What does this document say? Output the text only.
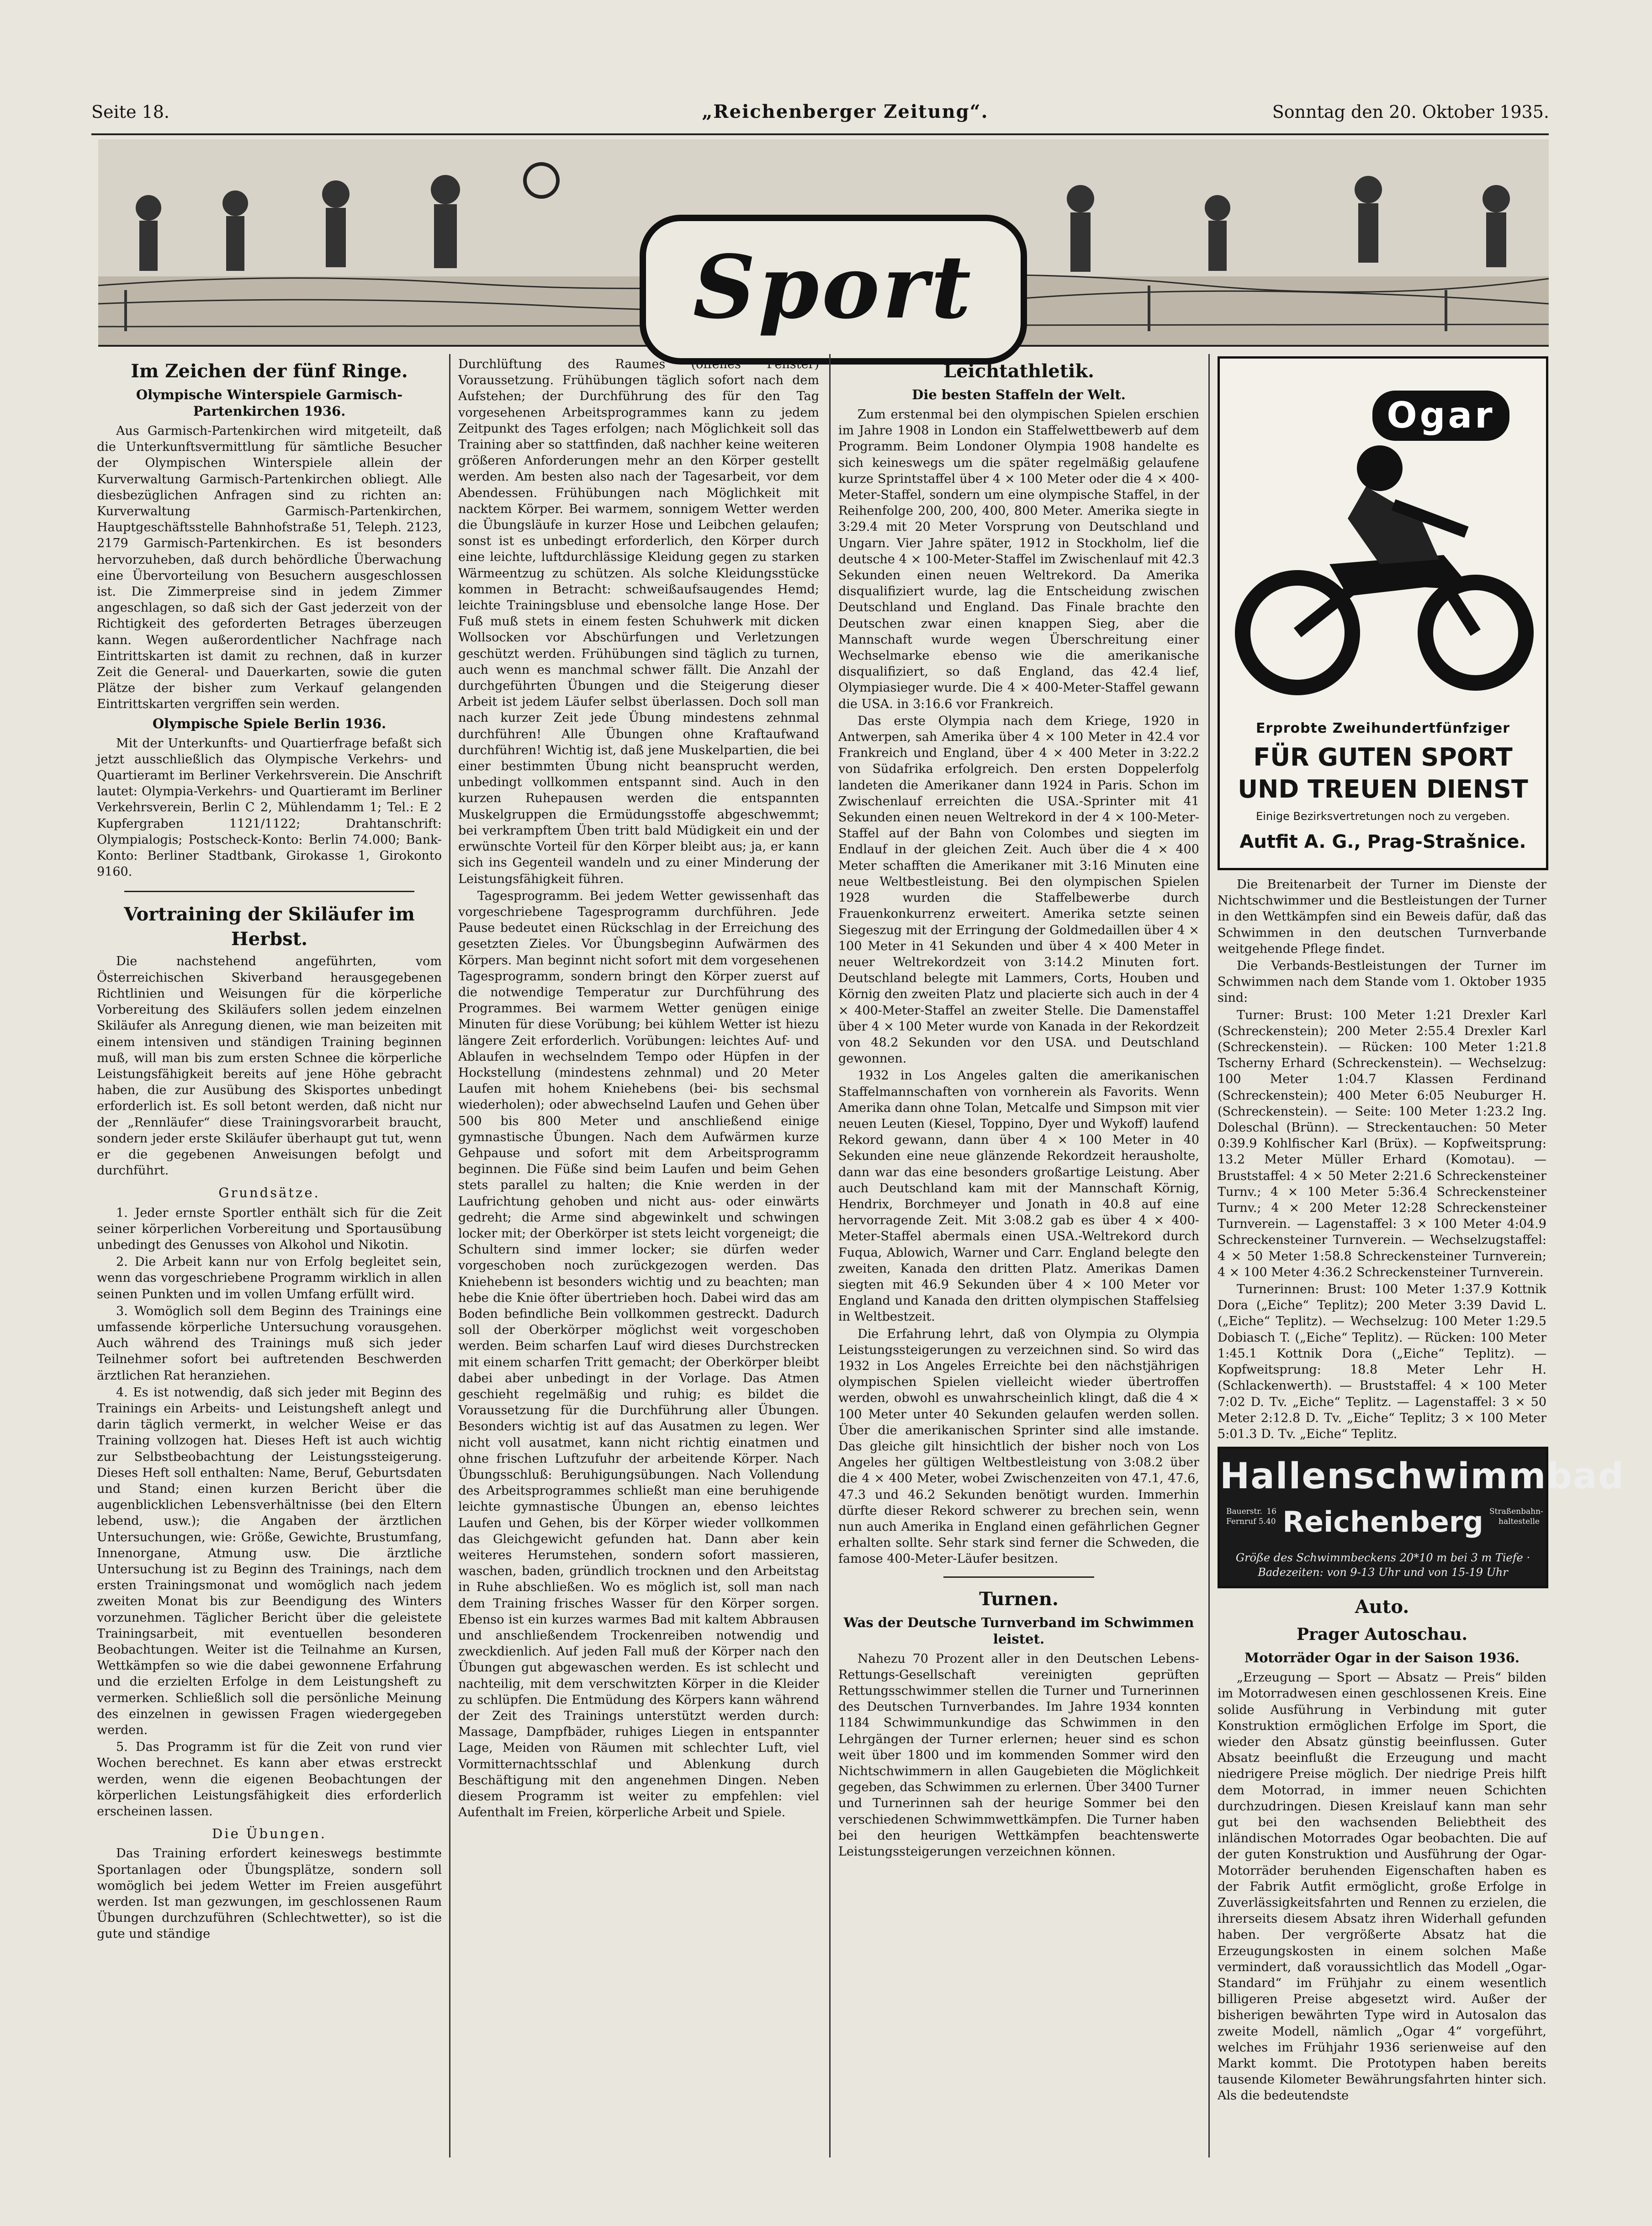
Seite 18.	„Reichenberger Zeitung“.	Sonntag den 20. Oktober 1935.
Sport
Im Zeichen der fünf Ringe.
Olympische Winterspiele Garmisch-Partenkirchen 1936.

Aus Garmisch-Partenkirchen wird mitgeteilt, daß die Unterkunftsvermittlung für sämtliche Besucher der Olympischen Winterspiele allein der Kurverwaltung Garmisch-Partenkirchen obliegt. Alle diesbezüglichen Anfragen sind zu richten an: Kurverwaltung Garmisch-Partenkirchen, Hauptgeschäftsstelle Bahnhofstraße 51, Teleph. 2123, 2179 Garmisch-Partenkirchen. Es ist besonders hervorzuheben, daß durch behördliche Überwachung eine Übervorteilung von Besuchern ausgeschlossen ist. Die Zimmerpreise sind in jedem Zimmer angeschlagen, so daß sich der Gast jederzeit von der Richtigkeit des geforderten Betrages überzeugen kann. Wegen außerordentlicher Nachfrage nach Eintrittskarten ist damit zu rechnen, daß in kurzer Zeit die General- und Dauerkarten, sowie die guten Plätze der bisher zum Verkauf gelangenden Eintrittskarten vergriffen sein werden.

Olympische Spiele Berlin 1936.

Mit der Unterkunfts- und Quartierfrage befaßt sich jetzt ausschließlich das Olympische Verkehrs- und Quartieramt im Berliner Verkehrsverein. Die Anschrift lautet: Olympia-Verkehrs- und Quartieramt im Berliner Verkehrsverein, Berlin C 2, Mühlendamm 1; Tel.: E 2 Kupfergraben 1121/1122; Drahtanschrift: Olympialogis; Postscheck-Konto: Berlin 74.000; Bank-Konto: Berliner Stadtbank, Girokasse 1, Girokonto 9160.

Vortraining der Skiläufer im Herbst.

Die nachstehend angeführten, vom Österreichischen Skiverband herausgegebenen Richtlinien und Weisungen für die körperliche Vorbereitung des Skiläufers sollen jedem einzelnen Skiläufer als Anregung dienen, wie man beizeiten mit einem intensiven und ständigen Training beginnen muß, will man bis zum ersten Schnee die körperliche Leistungsfähigkeit bereits auf jene Höhe gebracht haben, die zur Ausübung des Skisportes unbedingt erforderlich ist. Es soll betont werden, daß nicht nur der „Rennläufer“ diese Trainingsvorarbeit braucht, sondern jeder erste Skiläufer überhaupt gut tut, wenn er die gegebenen Anweisungen befolgt und durchführt.

Grundsätze.

1. Jeder ernste Sportler enthält sich für die Zeit seiner körperlichen Vorbereitung und Sportausübung unbedingt des Genusses von Alkohol und Nikotin.

2. Die Arbeit kann nur von Erfolg begleitet sein, wenn das vorgeschriebene Programm wirklich in allen seinen Punkten und im vollen Umfang erfüllt wird.

3. Womöglich soll dem Beginn des Trainings eine umfassende körperliche Untersuchung vorausgehen. Auch während des Trainings muß sich jeder Teilnehmer sofort bei auftretenden Beschwerden ärztlichen Rat heranziehen.

4. Es ist notwendig, daß sich jeder mit Beginn des Trainings ein Arbeits- und Leistungsheft anlegt und darin täglich vermerkt, in welcher Weise er das Training vollzogen hat. Dieses Heft ist auch wichtig zur Selbstbeobachtung der Leistungssteigerung. Dieses Heft soll enthalten: Name, Beruf, Geburtsdaten und Stand; einen kurzen Bericht über die augenblicklichen Lebensverhältnisse (bei den Eltern lebend, usw.); die Angaben der ärztlichen Untersuchungen, wie: Größe, Gewichte, Brustumfang, Innenorgane, Atmung usw. Die ärztliche Untersuchung ist zu Beginn des Trainings, nach dem ersten Trainingsmonat und womöglich nach jedem zweiten Monat bis zur Beendigung des Winters vorzunehmen. Täglicher Bericht über die geleistete Trainingsarbeit, mit eventuellen besonderen Beobachtungen. Weiter ist die Teilnahme an Kursen, Wettkämpfen so wie die dabei gewonnene Erfahrung und die erzielten Erfolge in dem Leistungsheft zu vermerken. Schließlich soll die persönliche Meinung des einzelnen in gewissen Fragen wiedergegeben werden.

5. Das Programm ist für die Zeit von rund vier Wochen berechnet. Es kann aber etwas erstreckt werden, wenn die eigenen Beobachtungen der körperlichen Leistungsfähigkeit dies erforderlich erscheinen lassen.

Die Übungen.

Das Training erfordert keineswegs bestimmte Sportanlagen oder Übungsplätze, sondern soll womöglich bei jedem Wetter im Freien ausgeführt werden. Ist man gezwungen, im geschlossenen Raum Übungen durchzuführen (Schlechtwetter), so ist die gute und ständige

Durchlüftung des Raumes (offenes Fenster) Voraussetzung. Frühübungen täglich sofort nach dem Aufstehen; der Durchführung des für den Tag vorgesehenen Arbeitsprogrammes kann zu jedem Zeitpunkt des Tages erfolgen; nach Möglichkeit soll das Training aber so stattfinden, daß nachher keine weiteren größeren Anforderungen mehr an den Körper gestellt werden. Am besten also nach der Tagesarbeit, vor dem Abendessen. Frühübungen nach Möglichkeit mit nacktem Körper. Bei warmem, sonnigem Wetter werden die Übungsläufe in kurzer Hose und Leibchen gelaufen; sonst ist es unbedingt erforderlich, den Körper durch eine leichte, luftdurchlässige Kleidung gegen zu starken Wärmeentzug zu schützen. Als solche Kleidungsstücke kommen in Betracht: schweißaufsaugendes Hemd; leichte Trainingsbluse und ebensolche lange Hose. Der Fuß muß stets in einem festen Schuhwerk mit dicken Wollsocken vor Abschürfungen und Verletzungen geschützt werden. Frühübungen sind täglich zu turnen, auch wenn es manchmal schwer fällt. Die Anzahl der durchgeführten Übungen und die Steigerung dieser Arbeit ist jedem Läufer selbst überlassen. Doch soll man nach kurzer Zeit jede Übung mindestens zehnmal durchführen! Alle Übungen ohne Kraftaufwand durchführen! Wichtig ist, daß jene Muskelpartien, die bei einer bestimmten Übung nicht beansprucht werden, unbedingt vollkommen entspannt sind. Auch in den kurzen Ruhepausen werden die entspannten Muskelgruppen die Ermüdungsstoffe abgeschwemmt; bei verkrampftem Üben tritt bald Müdigkeit ein und der erwünschte Vorteil für den Körper bleibt aus; ja, er kann sich ins Gegenteil wandeln und zu einer Minderung der Leistungsfähigkeit führen.

Tagesprogramm. Bei jedem Wetter gewissenhaft das vorgeschriebene Tagesprogramm durchführen. Jede Pause bedeutet einen Rückschlag in der Erreichung des gesetzten Zieles. Vor Übungsbeginn Aufwärmen des Körpers. Man beginnt nicht sofort mit dem vorgesehenen Tagesprogramm, sondern bringt den Körper zuerst auf die notwendige Temperatur zur Durchführung des Programmes. Bei warmem Wetter genügen einige Minuten für diese Vorübung; bei kühlem Wetter ist hiezu längere Zeit erforderlich. Vorübungen: leichtes Auf- und Ablaufen in wechselndem Tempo oder Hüpfen in der Hockstellung (mindestens zehnmal) und 20 Meter Laufen mit hohem Kniehebens (bei- bis sechsmal wiederholen); oder abwechselnd Laufen und Gehen über 500 bis 800 Meter und anschließend einige gymnastische Übungen. Nach dem Aufwärmen kurze Gehpause und sofort mit dem Arbeitsprogramm beginnen. Die Füße sind beim Laufen und beim Gehen stets parallel zu halten; die Knie werden in der Laufrichtung gehoben und nicht aus- oder einwärts gedreht; die Arme sind abgewinkelt und schwingen locker mit; der Oberkörper ist stets leicht vorgeneigt; die Schultern sind immer locker; sie dürfen weder vorgeschoben noch zurückgezogen werden. Das Kniehebenn ist besonders wichtig und zu beachten; man hebe die Knie öfter übertrieben hoch. Dabei wird das am Boden befindliche Bein vollkommen gestreckt. Dadurch soll der Oberkörper möglichst weit vorgeschoben werden. Beim scharfen Lauf wird dieses Durchstrecken mit einem scharfen Tritt gemacht; der Oberkörper bleibt dabei aber unbedingt in der Vorlage. Das Atmen geschieht regelmäßig und ruhig; es bildet die Voraussetzung für die Durchführung aller Übungen. Besonders wichtig ist auf das Ausatmen zu legen. Wer nicht voll ausatmet, kann nicht richtig einatmen und ohne frischen Luftzufuhr der arbeitende Körper. Nach Übungsschluß: Beruhigungsübungen. Nach Vollendung des Arbeitsprogrammes schließt man eine beruhigende leichte gymnastische Übungen an, ebenso leichtes Laufen und Gehen, bis der Körper wieder vollkommen das Gleichgewicht gefunden hat. Dann aber kein weiteres Herumstehen, sondern sofort massieren, waschen, baden, gründlich trocknen und den Arbeitstag in Ruhe abschließen. Wo es möglich ist, soll man nach dem Training frisches Wasser für den Körper sorgen. Ebenso ist ein kurzes warmes Bad mit kaltem Abbrausen und anschließendem Trockenreiben notwendig und zweckdienlich. Auf jeden Fall muß der Körper nach den Übungen gut abgewaschen werden. Es ist schlecht und nachteilig, mit dem verschwitzten Körper in die Kleider zu schlüpfen. Die Entmüdung des Körpers kann während der Zeit des Trainings unterstützt werden durch: Massage, Dampfbäder, ruhiges Liegen in entspannter Lage, Meiden von Räumen mit schlechter Luft, viel Vormitternachtsschlaf und Ablenkung durch Beschäftigung mit den angenehmen Dingen. Neben diesem Programm ist weiter zu empfehlen: viel Aufenthalt im Freien, körperliche Arbeit und Spiele.

Leichtathletik.
Die besten Staffeln der Welt.

Zum erstenmal bei den olympischen Spielen erschien im Jahre 1908 in London ein Staffelwettbewerb auf dem Programm. Beim Londoner Olympia 1908 handelte es sich keineswegs um die später regelmäßig gelaufene kurze Sprintstaffel über 4 × 100 Meter oder die 4 × 400-Meter-Staffel, sondern um eine olympische Staffel, in der Reihenfolge 200, 200, 400, 800 Meter. Amerika siegte in 3:29.4 mit 20 Meter Vorsprung von Deutschland und Ungarn. Vier Jahre später, 1912 in Stockholm, lief die deutsche 4 × 100-Meter-Staffel im Zwischenlauf mit 42.3 Sekunden einen neuen Weltrekord. Da Amerika disqualifiziert wurde, lag die Entscheidung zwischen Deutschland und England. Das Finale brachte den Deutschen zwar einen knappen Sieg, aber die Mannschaft wurde wegen Überschreitung einer Wechselmarke ebenso wie die amerikanische disqualifiziert, so daß England, das 42.4 lief, Olympiasieger wurde. Die 4 × 400-Meter-Staffel gewann die USA. in 3:16.6 vor Frankreich.

Das erste Olympia nach dem Kriege, 1920 in Antwerpen, sah Amerika über 4 × 100 Meter in 42.4 vor Frankreich und England, über 4 × 400 Meter in 3:22.2 von Südafrika erfolgreich. Den ersten Doppelerfolg landeten die Amerikaner dann 1924 in Paris. Schon im Zwischenlauf erreichten die USA.-Sprinter mit 41 Sekunden einen neuen Weltrekord in der 4 × 100-Meter-Staffel auf der Bahn von Colombes und siegten im Endlauf in der gleichen Zeit. Auch über die 4 × 400 Meter schafften die Amerikaner mit 3:16 Minuten eine neue Weltbestleistung. Bei den olympischen Spielen 1928 wurden die Staffelbewerbe durch Frauenkonkurrenz erweitert. Amerika setzte seinen Siegeszug mit der Erringung der Goldmedaillen über 4 × 100 Meter in 41 Sekunden und über 4 × 400 Meter in neuer Weltrekordzeit von 3:14.2 Minuten fort. Deutschland belegte mit Lammers, Corts, Houben und Körnig den zweiten Platz und placierte sich auch in der 4 × 400-Meter-Staffel an zweiter Stelle. Die Damenstaffel über 4 × 100 Meter wurde von Kanada in der Rekordzeit von 48.2 Sekunden vor den USA. und Deutschland gewonnen.

1932 in Los Angeles galten die amerikanischen Staffelmannschaften von vornherein als Favorits. Wenn Amerika dann ohne Tolan, Metcalfe und Simpson mit vier neuen Leuten (Kiesel, Toppino, Dyer und Wykoff) laufend Rekord gewann, dann über 4 × 100 Meter in 40 Sekunden eine neue glänzende Rekordzeit herausholte, dann war das eine besonders großartige Leistung. Aber auch Deutschland kam mit der Mannschaft Körnig, Hendrix, Borchmeyer und Jonath in 40.8 auf eine hervorragende Zeit. Mit 3:08.2 gab es über 4 × 400-Meter-Staffel abermals einen USA.-Weltrekord durch Fuqua, Ablowich, Warner und Carr. England belegte den zweiten, Kanada den dritten Platz. Amerikas Damen siegten mit 46.9 Sekunden über 4 × 100 Meter vor England und Kanada den dritten olympischen Staffelsieg in Weltbestzeit.

Die Erfahrung lehrt, daß von Olympia zu Olympia Leistungssteigerungen zu verzeichnen sind. So wird das 1932 in Los Angeles Erreichte bei den nächstjährigen olympischen Spielen vielleicht wieder übertroffen werden, obwohl es unwahrscheinlich klingt, daß die 4 × 100 Meter unter 40 Sekunden gelaufen werden sollen. Über die amerikanischen Sprinter sind alle imstande. Das gleiche gilt hinsichtlich der bisher noch von Los Angeles her gültigen Weltbestleistung von 3:08.2 über die 4 × 400 Meter, wobei Zwischenzeiten von 47.1, 47.6, 47.3 und 46.2 Sekunden benötigt wurden. Immerhin dürfte dieser Rekord schwerer zu brechen sein, wenn nun auch Amerika in England einen gefährlichen Gegner erhalten sollte. Sehr stark sind ferner die Schweden, die famose 400-Meter-Läufer besitzen.

Turnen.
Was der Deutsche Turnverband im Schwimmen leistet.

Nahezu 70 Prozent aller in den Deutschen Lebens-Rettungs-Gesellschaft vereinigten geprüften Rettungsschwimmer stellen die Turner und Turnerinnen des Deutschen Turnverbandes. Im Jahre 1934 konnten 1184 Schwimmunkundige das Schwimmen in den Lehrgängen der Turner erlernen; heuer sind es schon weit über 1800 und im kommenden Sommer wird den Nichtschwimmern in allen Gaugebieten die Möglichkeit gegeben, das Schwimmen zu erlernen. Über 3400 Turner und Turnerinnen sah der heurige Sommer bei den verschiedenen Schwimmwettkämpfen. Die Turner haben bei den heurigen Wettkämpfen beachtenswerte Leistungssteigerungen verzeichnen können.

Ogar
Erprobte Zweihundertfünfziger
FÜR GUTEN SPORT
UND TREUEN DIENST
Einige Bezirksvertretungen noch zu vergeben.
Autfit A. G., Prag-Strašnice.

Die Breitenarbeit der Turner im Dienste der Nichtschwimmer und die Bestleistungen der Turner in den Wettkämpfen sind ein Beweis dafür, daß das Schwimmen in den deutschen Turnverbande weitgehende Pflege findet.

Die Verbands-Bestleistungen der Turner im Schwimmen nach dem Stande vom 1. Oktober 1935 sind:

Turner: Brust: 100 Meter 1:21 Drexler Karl (Schreckenstein); 200 Meter 2:55.4 Drexler Karl (Schreckenstein). — Rücken: 100 Meter 1:21.8 Tscherny Erhard (Schreckenstein). — Wechselzug: 100 Meter 1:04.7 Klassen Ferdinand (Schreckenstein); 400 Meter 6:05 Neuburger H. (Schreckenstein). — Seite: 100 Meter 1:23.2 Ing. Doleschal (Brünn). — Streckentauchen: 50 Meter 0:39.9 Kohlfischer Karl (Brüx). — Kopfweitsprung: 13.2 Meter Müller Erhard (Komotau). — Bruststaffel: 4 × 50 Meter 2:21.6 Schreckensteiner Turnv.; 4 × 100 Meter 5:36.4 Schreckensteiner Turnv.; 4 × 200 Meter 12:28 Schreckensteiner Turnverein. — Lagenstaffel: 3 × 100 Meter 4:04.9 Schreckensteiner Turnverein. — Wechselzugstaffel: 4 × 50 Meter 1:58.8 Schreckensteiner Turnverein; 4 × 100 Meter 4:36.2 Schreckensteiner Turnverein.

Turnerinnen: Brust: 100 Meter 1:37.9 Kottnik Dora („Eiche“ Teplitz); 200 Meter 3:39 David L. („Eiche“ Teplitz). — Wechselzug: 100 Meter 1:29.5 Dobiasch T. („Eiche“ Teplitz). — Rücken: 100 Meter 1:45.1 Kottnik Dora („Eiche“ Teplitz). — Kopfweitsprung: 18.8 Meter Lehr H. (Schlackenwerth). — Bruststaffel: 4 × 100 Meter 7:02 D. Tv. „Eiche“ Teplitz. — Lagenstaffel: 3 × 50 Meter 2:12.8 D. Tv. „Eiche“ Teplitz; 3 × 100 Meter 5:01.3 D. Tv. „Eiche“ Teplitz.

Hallenschwimmbad
Bauerstr. 16 Fernruf 5.40 Reichenberg Straßenbahn-haltestelle
Größe des Schwimmbeckens 20*10 m bei 3 m Tiefe · Badezeiten: von 9-13 Uhr und von 15-19 Uhr
Auto.
Prager Autoschau.
Motorräder Ogar in der Saison 1936.

„Erzeugung — Sport — Absatz — Preis“ bilden im Motorradwesen einen geschlossenen Kreis. Eine solide Ausführung in Verbindung mit guter Konstruktion ermöglichen Erfolge im Sport, die wieder den Absatz günstig beeinflussen. Guter Absatz beeinflußt die Erzeugung und macht niedrigere Preise möglich. Der niedrige Preis hilft dem Motorrad, in immer neuen Schichten durchzudringen. Diesen Kreislauf kann man sehr gut bei den wachsenden Beliebtheit des inländischen Motorrades Ogar beobachten. Die auf der guten Konstruktion und Ausführung der Ogar-Motorräder beruhenden Eigenschaften haben es der Fabrik Autfit ermöglicht, große Erfolge in Zuverlässigkeitsfahrten und Rennen zu erzielen, die ihrerseits diesem Absatz ihren Widerhall gefunden haben. Der vergrößerte Absatz hat die Erzeugungskosten in einem solchen Maße vermindert, daß voraussichtlich das Modell „Ogar-Standard“ im Frühjahr zu einem wesentlich billigeren Preise abgesetzt wird. Außer der bisherigen bewährten Type wird in Autosalon das zweite Modell, nämlich „Ogar 4“ vorgeführt, welches im Frühjahr 1936 serienweise auf den Markt kommt. Die Prototypen haben bereits tausende Kilometer Bewährungsfahrten hinter sich. Als die bedeutendste
